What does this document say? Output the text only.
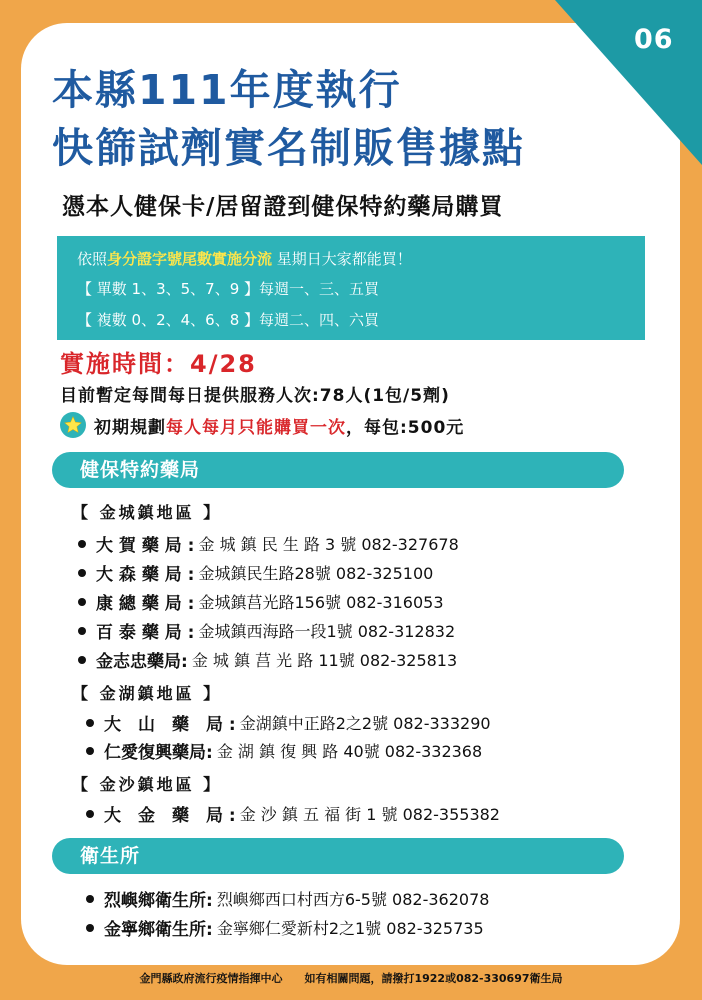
06
本縣111年度執行
快篩試劑實名制販售據點
憑本人健保卡/居留證到健保特約藥局購買
依照身分證字號尾數實施分流 星期日大家都能買！
【 單數 1、3、5、7、9 】每週一、三、五買
【 複數 0、2、4、6、8 】每週二、四、六買
實施時間：4/28
目前暫定每間每日提供服務人次:78人(1包/5劑)
初期規劃 每人每月只能購買一次 ，每包:500元
健保特約藥局
【 金城鎮地區 】
大 賀 藥 局 : 金 城 鎮 民 生 路 3 號 082-327678
大 森 藥 局 : 金城鎮民生路28號 082-325100
康 總 藥 局 : 金城鎮莒光路156號 082-316053
百 泰 藥 局 : 金城鎮西海路一段1號 082-312832
金志忠藥局: 金 城 鎮 莒 光 路 11號 082-325813
【 金湖鎮地區 】
大　山　藥　局 : 金湖鎮中正路2之2號 082-333290
仁愛復興藥局: 金 湖 鎮 復 興 路 40號 082-332368
【 金沙鎮地區 】
大　金　藥　局 : 金 沙 鎮 五 福 街 1 號 082-355382
衛生所
烈嶼鄉衛生所: 烈嶼鄉西口村西方6-5號 082-362078
金寧鄉衛生所: 金寧鄉仁愛新村2之1號 082-325735
金門縣政府流行疫情指揮中心　　如有相關問題，請撥打1922或082-330697衛生局
